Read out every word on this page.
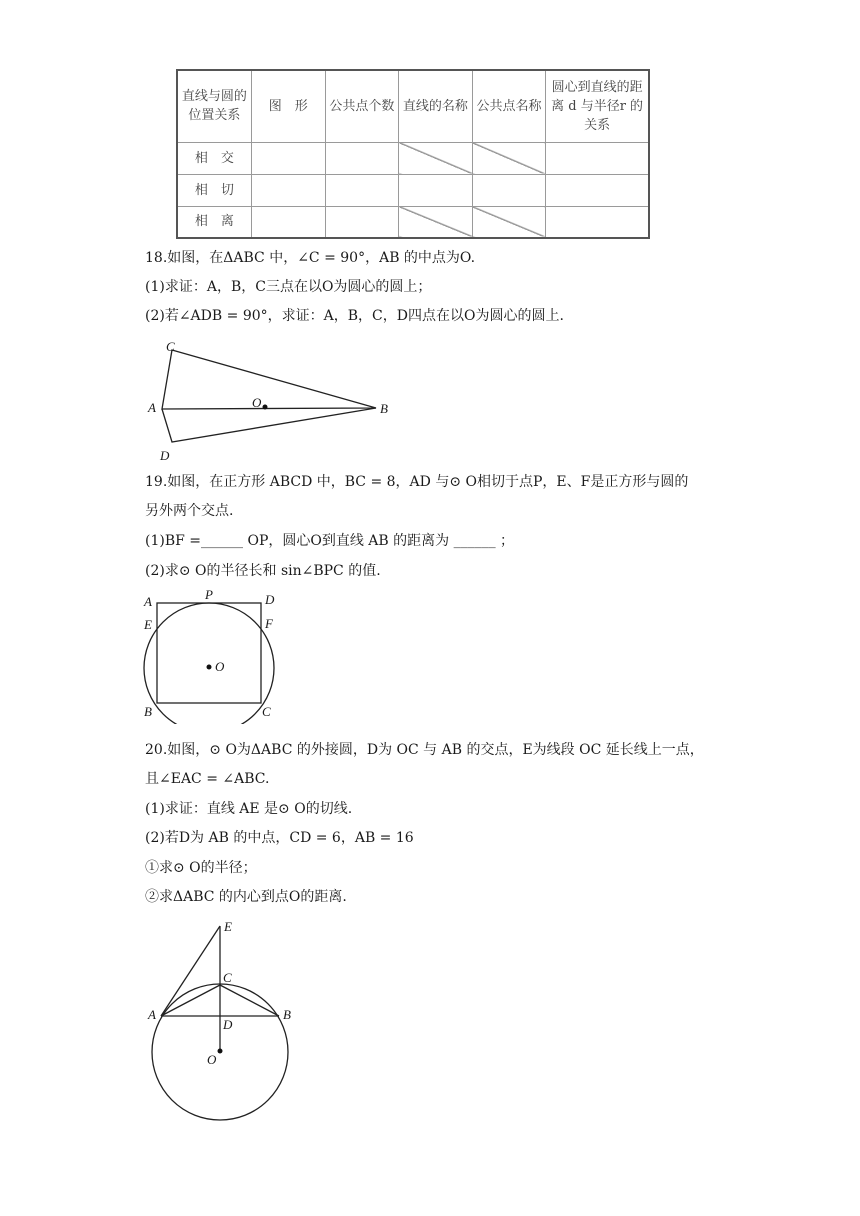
直线与圆的位置关系	图　形	公共点个数	直线的名称	公共点名称	圆心到直线的距离 d 与半径r 的关系
相　交					
相　切					
相　离					
18.如图，在ΔABC 中，∠C = 90°，AB 的中点为O.
(1)求证：A，B，C三点在以O为圆心的圆上；
(2)若∠ADB = 90°，求证：A，B，C，D四点在以O为圆心的圆上.
C
A	B
O
D
19.如图，在正方形 ABCD 中，BC = 8，AD 与⊙ O相切于点P，E、F是正方形与圆的
另外两个交点.
(1)BF =______ OP，圆心O到直线 AB 的距离为 ______ ；
(2)求⊙ O的半径长和 sin∠BPC 的值.
A	P	D
E	F
O
B	C
20.如图，⊙ O为ΔABC 的外接圆，D为 OC 与 AB 的交点，E为线段 OC 延长线上一点，
且∠EAC = ∠ABC.
(1)求证：直线 AE 是⊙ O的切线.
(2)若D为 AB 的中点，CD = 6，AB = 16
①求⊙ O的半径；
②求ΔABC 的内心到点O的距离.
E
C
A	B
D
O
